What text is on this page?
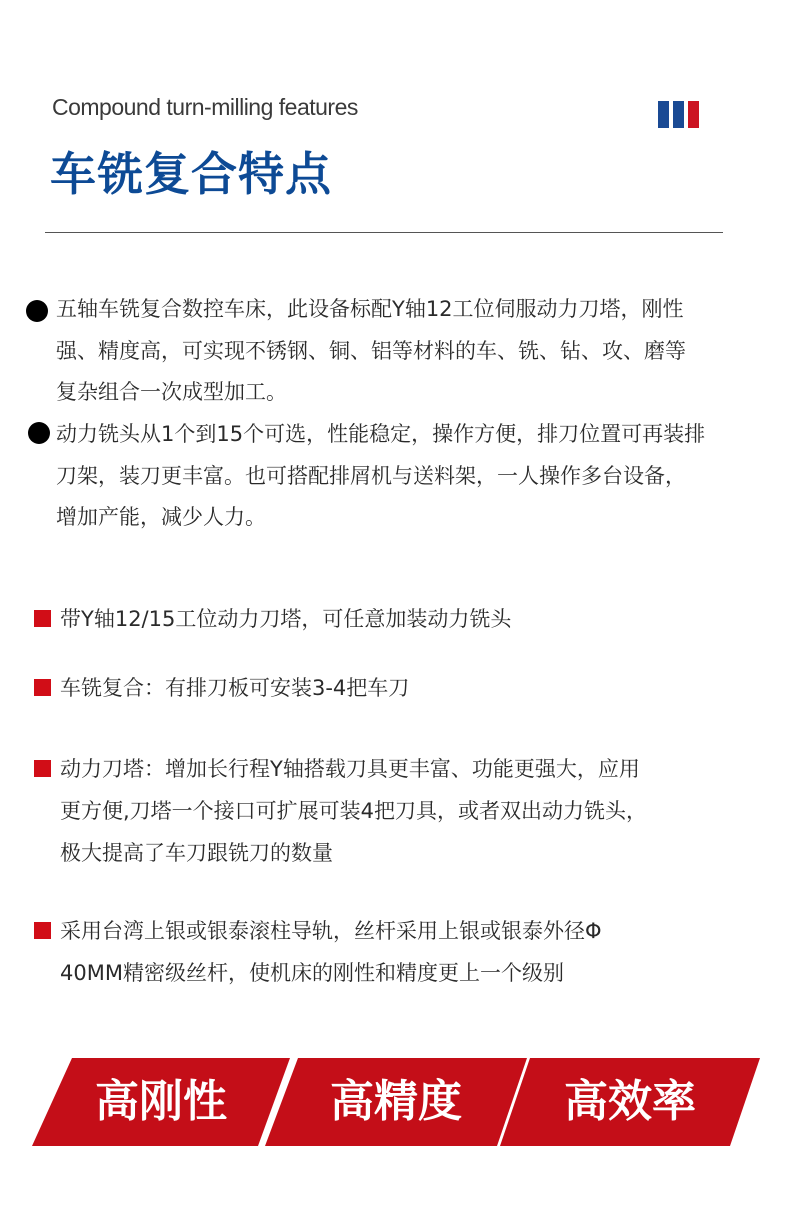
Compound turn-milling features
车铣复合特点
五轴车铣复合数控车床，此设备标配Y轴12工位伺服动力刀塔，刚性
强、精度高，可实现不锈钢、铜、铝等材料的车、铣、钻、攻、磨等
复杂组合一次成型加工。
动力铣头从1个到15个可选，性能稳定，操作方便，排刀位置可再装排
刀架，装刀更丰富。也可搭配排屑机与送料架，一人操作多台设备，
增加产能，减少人力。
带Y轴12/15工位动力刀塔，可任意加装动力铣头
车铣复合：有排刀板可安装3-4把车刀
动力刀塔：增加长行程Y轴搭载刀具更丰富、功能更强大，应用
更方便,刀塔一个接口可扩展可装4把刀具，或者双出动力铣头，
极大提高了车刀跟铣刀的数量
采用台湾上银或银泰滚柱导轨，丝杆采用上银或银泰外径Φ
40MM精密级丝杆，使机床的刚性和精度更上一个级别
高刚性	高精度	高效率
